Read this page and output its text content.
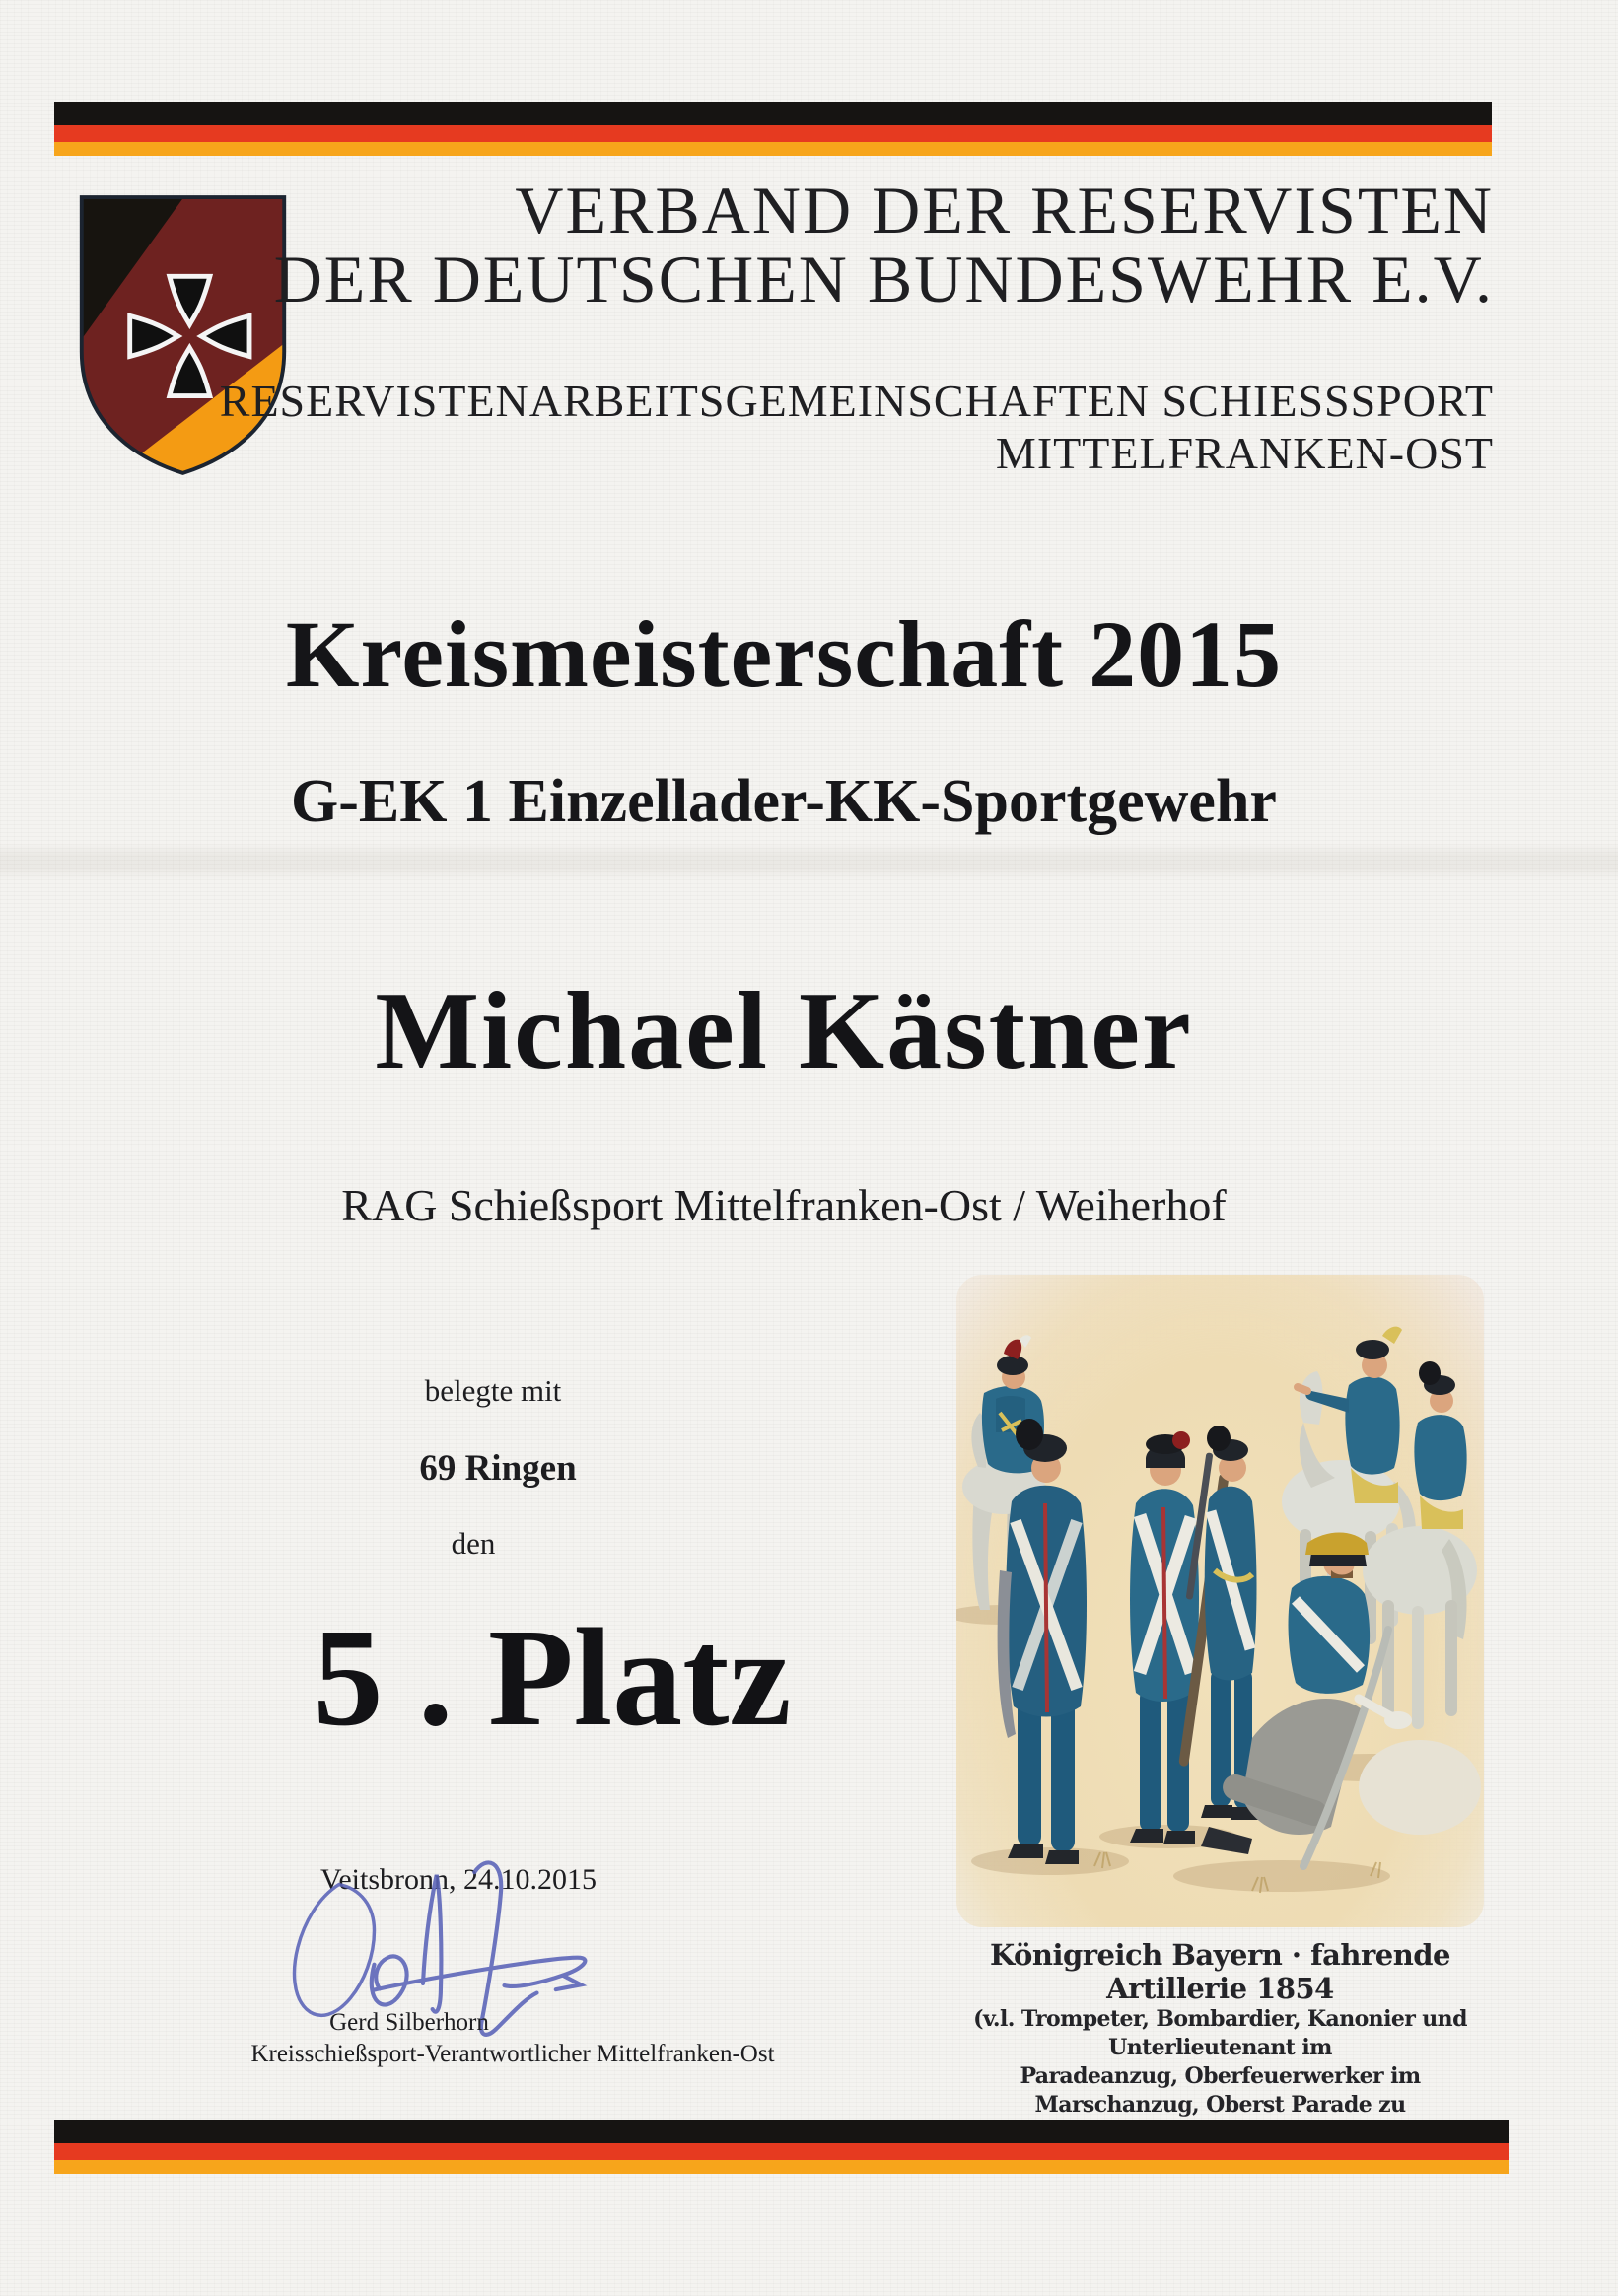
VERBAND DER RESERVISTEN
DER DEUTSCHEN BUNDESWEHR E.V.
RESERVISTENARBEITSGEMEINSCHAFTEN SCHIESSSPORT
MITTELFRANKEN-OST
Kreismeisterschaft 2015
G-EK 1 Einzellader-KK-Sportgewehr
Michael Kästner
RAG Schießsport Mittelfranken-Ost / Weiherhof
belegte mit
69 Ringen
den
5 . Platz
Veitsbronn, 24.10.2015
Gerd Silberhorn
Kreisschießsport-Verantwortlicher Mittelfranken-Ost
Königreich Bayern · fahrende Artillerie 1854
(v.l. Trompeter, Bombardier, Kanonier und Unterlieutenant im
Paradeanzug, Oberfeuerwerker im Marschanzug, Oberst Parade zu
